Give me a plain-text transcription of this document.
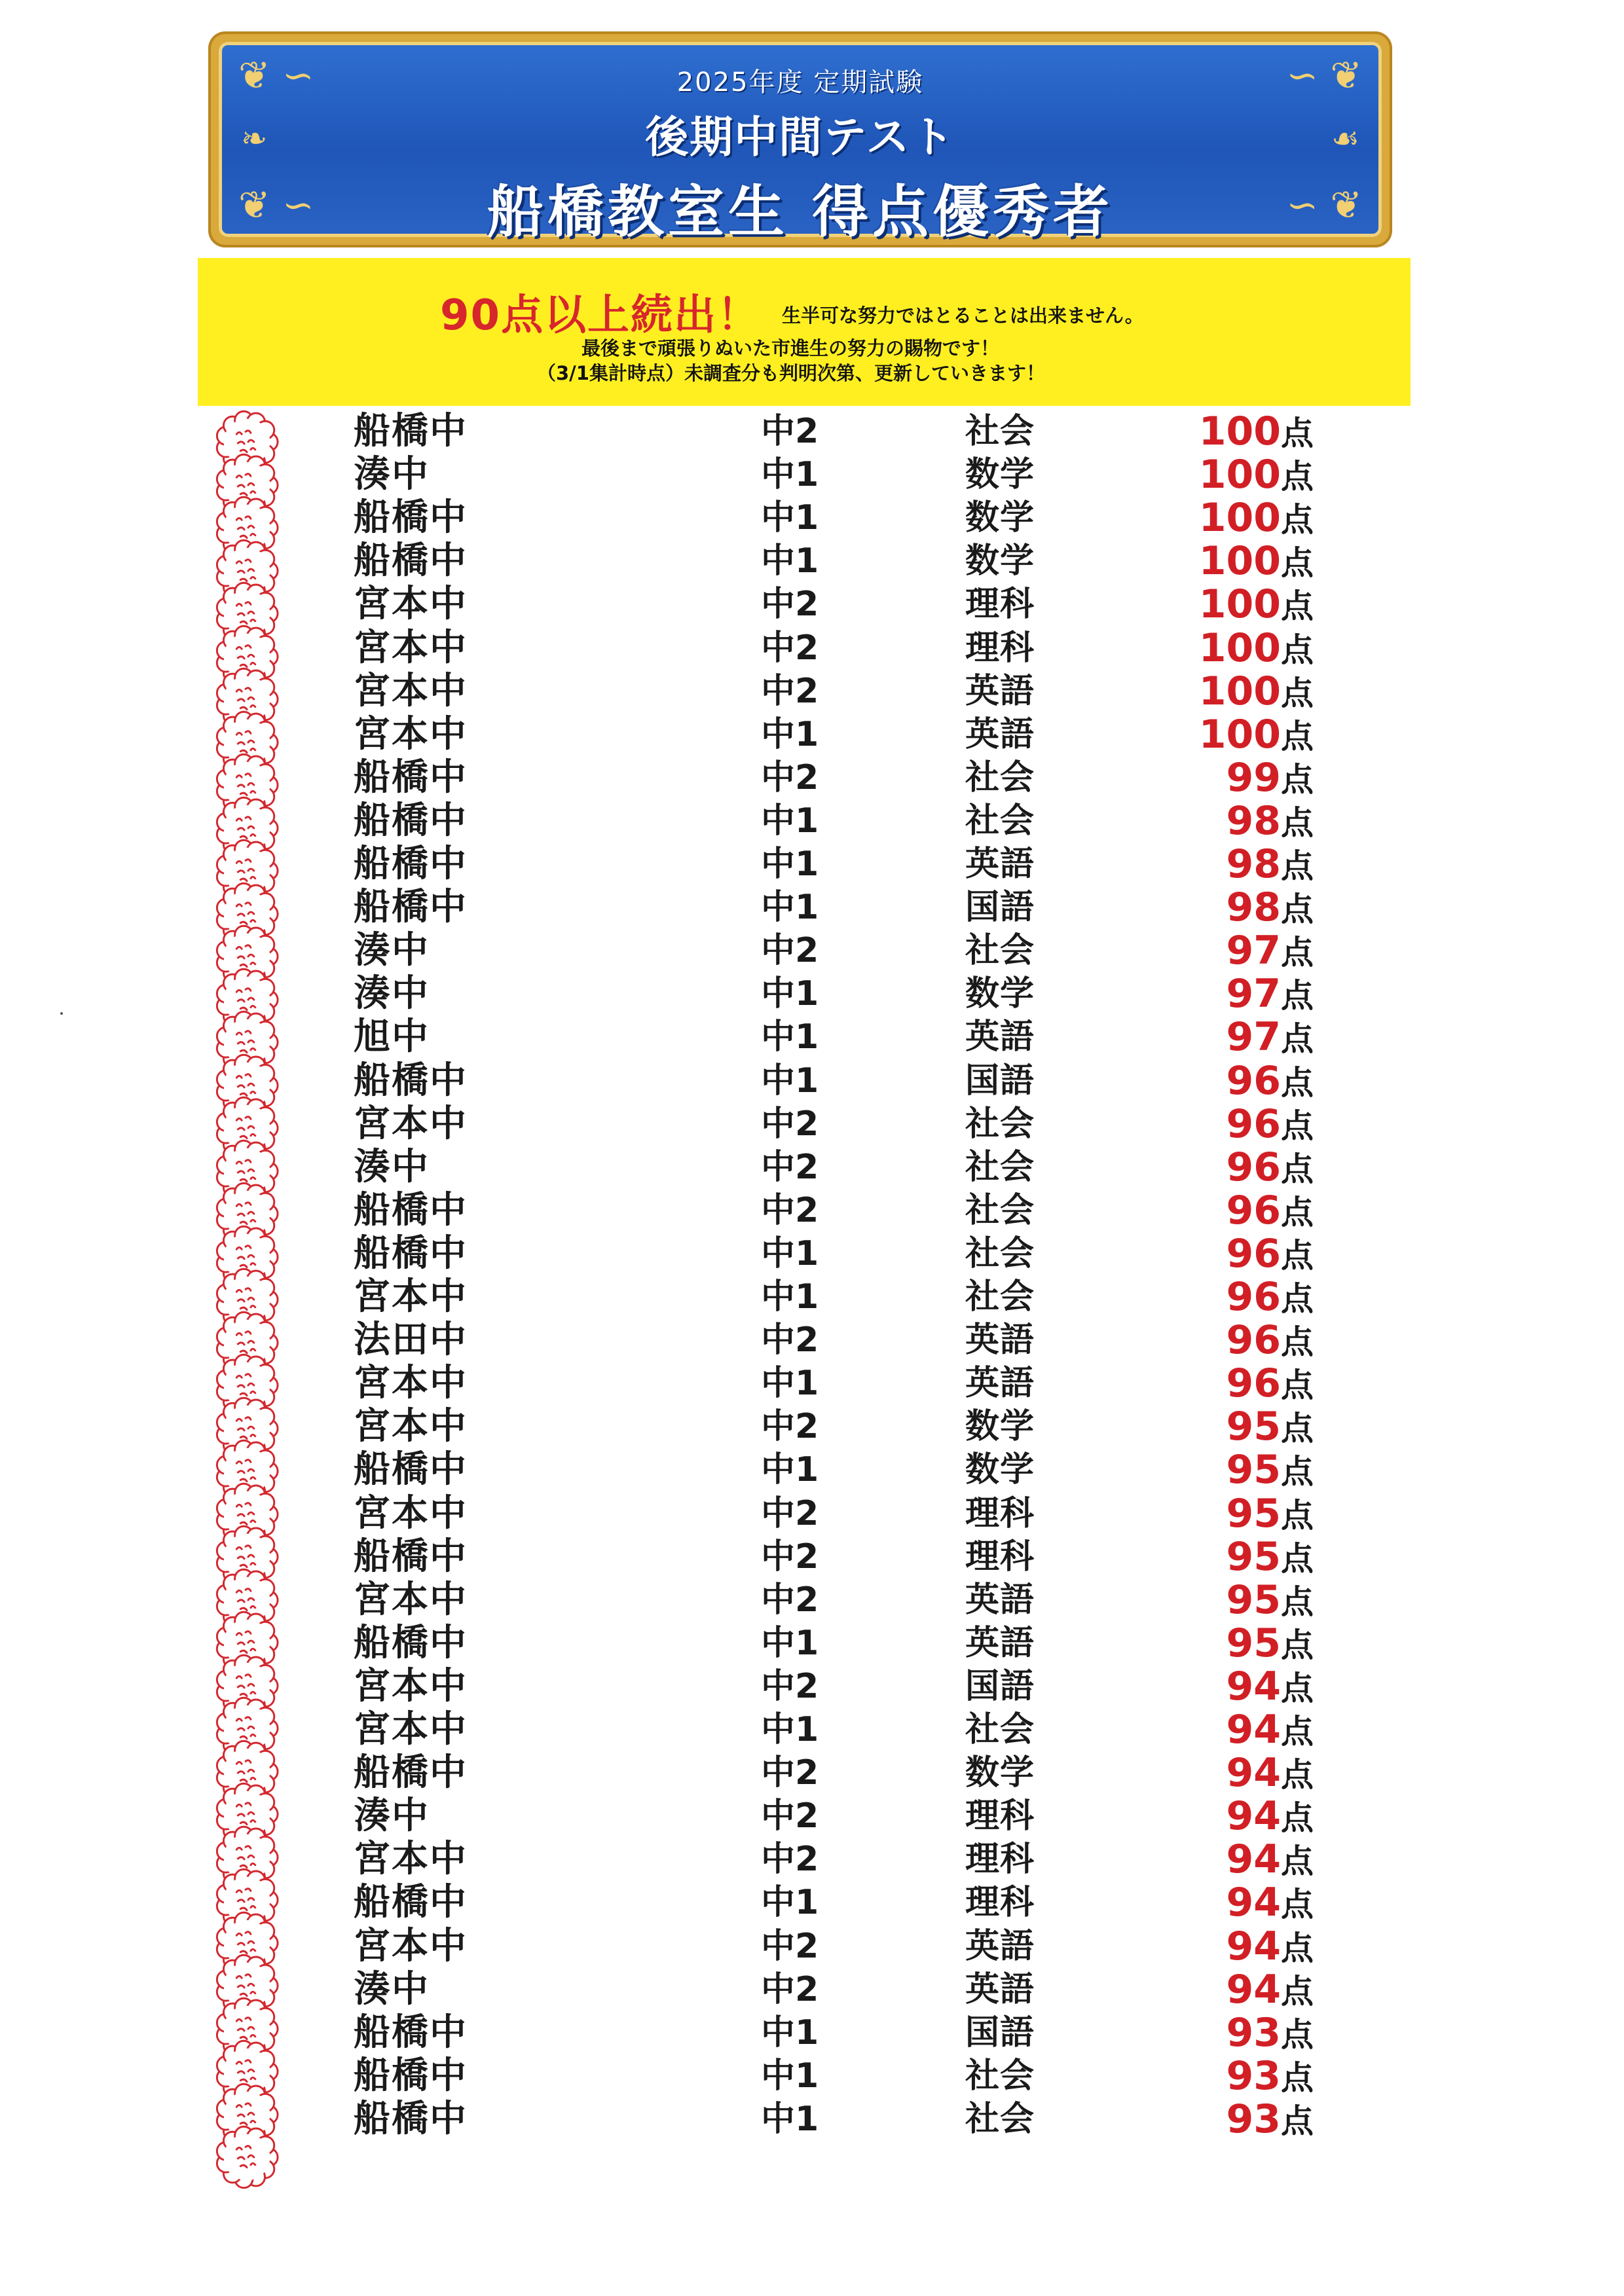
❦ ∽	∽ ❦
❦ ∽	∽ ❦
❧	☙
2025年度 定期試験
後期中間テスト
船橋教室生 得点優秀者
90点以上続出！ 生半可な努力ではとることは出来ません。
最後まで頑張りぬいた市進生の努力の賜物です！
（3/1集計時点）未調査分も判明次第、更新していきます！
船橋中	中2	社会	100点
湊中	中1	数学	100点
船橋中	中1	数学	100点
船橋中	中1	数学	100点
宮本中	中2	理科	100点
宮本中	中2	理科	100点
宮本中	中2	英語	100点
宮本中	中1	英語	100点
船橋中	中2	社会	99点
船橋中	中1	社会	98点
船橋中	中1	英語	98点
船橋中	中1	国語	98点
湊中	中2	社会	97点
湊中	中1	数学	97点
旭中	中1	英語	97点
船橋中	中1	国語	96点
宮本中	中2	社会	96点
湊中	中2	社会	96点
船橋中	中2	社会	96点
船橋中	中1	社会	96点
宮本中	中1	社会	96点
法田中	中2	英語	96点
宮本中	中1	英語	96点
宮本中	中2	数学	95点
船橋中	中1	数学	95点
宮本中	中2	理科	95点
船橋中	中2	理科	95点
宮本中	中2	英語	95点
船橋中	中1	英語	95点
宮本中	中2	国語	94点
宮本中	中1	社会	94点
船橋中	中2	数学	94点
湊中	中2	理科	94点
宮本中	中2	理科	94点
船橋中	中1	理科	94点
宮本中	中2	英語	94点
湊中	中2	英語	94点
船橋中	中1	国語	93点
船橋中	中1	社会	93点
船橋中	中1	社会	93点
